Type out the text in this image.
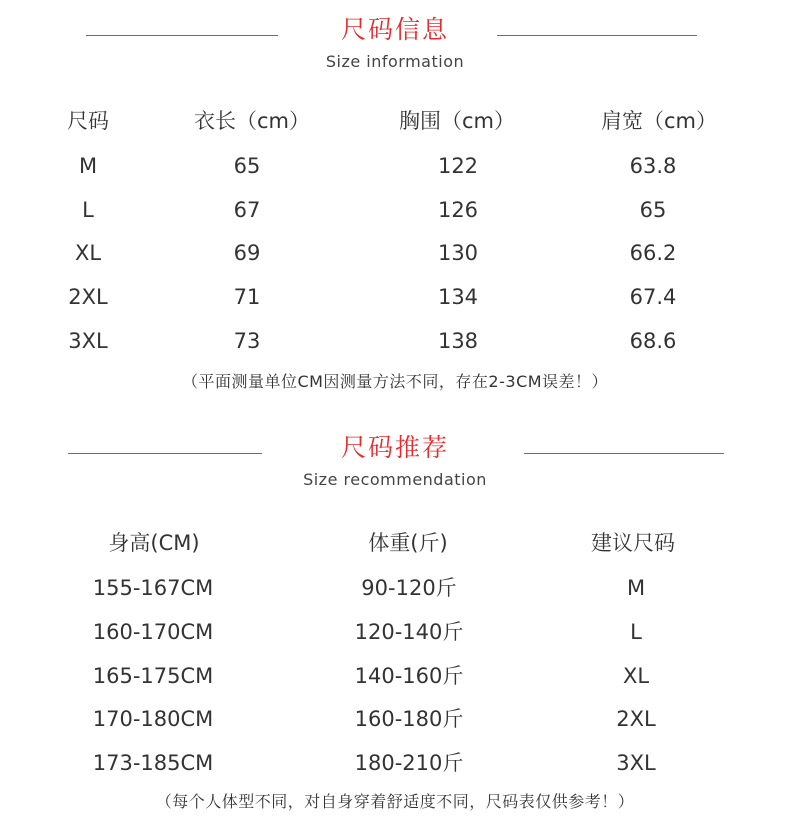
尺码信息
Size information
尺码	衣长（cm）	胸围（cm）	肩宽（cm）
M	65	122	63.8
L	67	126	65
XL	69	130	66.2
2XL	71	134	67.4
3XL	73	138	68.6
（平面测量单位CM因测量方法不同，存在2-3CM误差！）
尺码推荐
Size recommendation
身高(CM)	体重(斤)	建议尺码
155-167CM	90-120斤	M
160-170CM	120-140斤	L
165-175CM	140-160斤	XL
170-180CM	160-180斤	2XL
173-185CM	180-210斤	3XL
（每个人体型不同，对自身穿着舒适度不同，尺码表仅供参考！）
